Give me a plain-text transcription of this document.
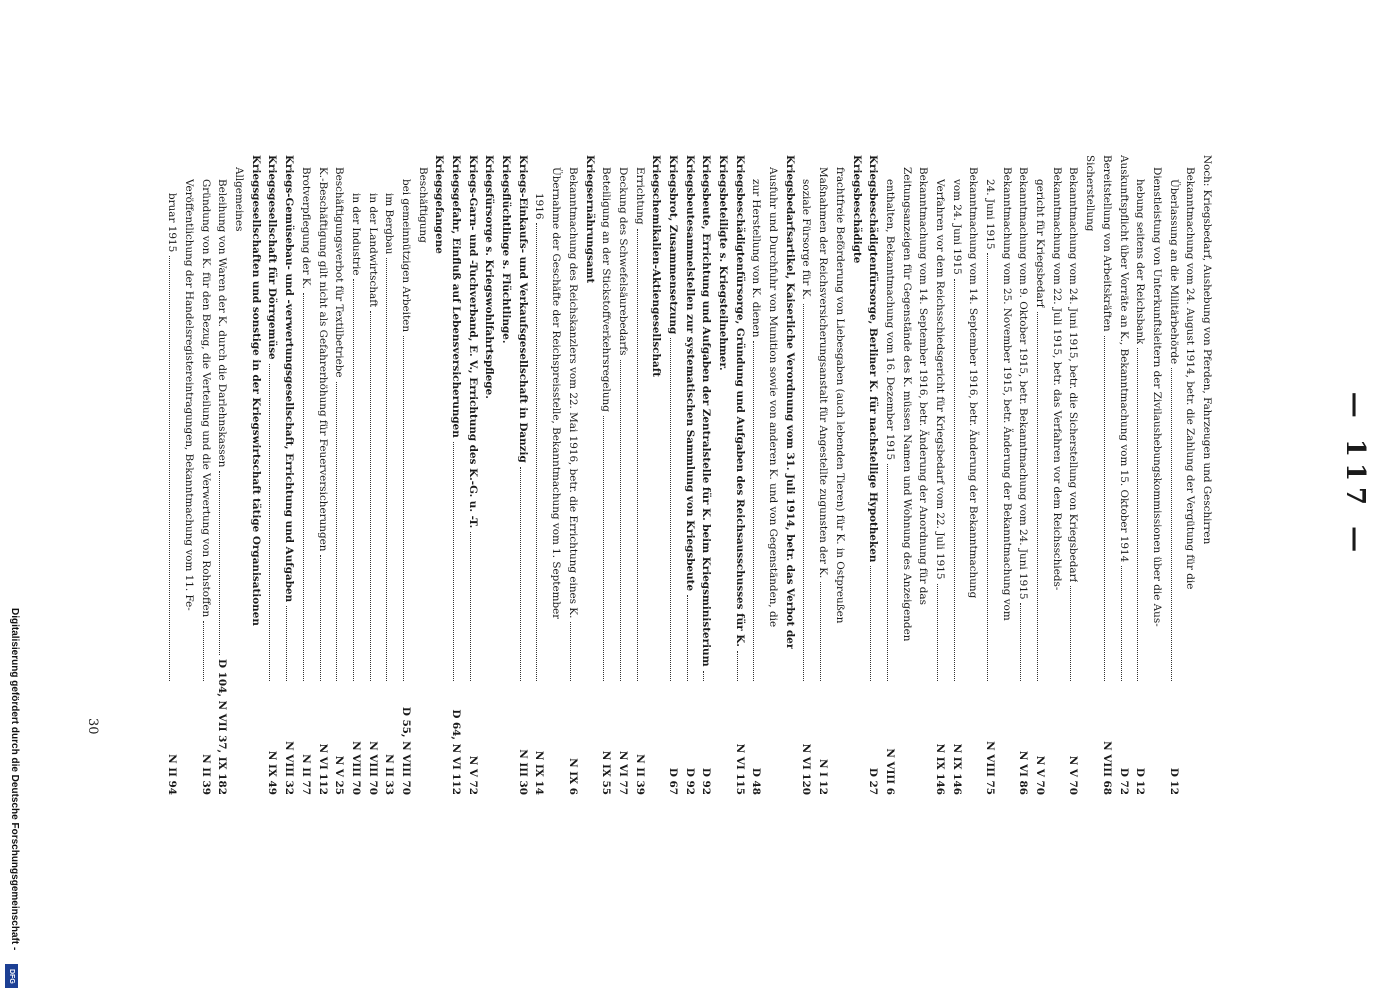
— 117 —
Noch: Kriegsbedarf, Aushebung von Pferden, Fahrzeugen und Geschirren
Bekanntmachung vom 24. August 1914, betr. die Zahlung der Vergütung für die
Überlassung an die Militärbehörde
D 12
Dienstleistung von Unterkunftsleitern der Zivilaushebungskommissionen über die Aus-
hebung seitens der Reichsbank
D 12
Auskunftspflicht über Vorräte an K., Bekanntmachung vom 15. Oktober 1914
D 72
Bereitstellung von Arbeitskräften
N VIII 68
Sicherstellung
Bekanntmachung vom 24. Juni 1915, betr. die Sicherstellung von Kriegsbedarf
N V 70
Bekanntmachung vom 22. Juli 1915, betr. das Verfahren vor dem Reichsschieds-
gericht für Kriegsbedarf
N V 70
Bekanntmachung vom 9. Oktober 1915, betr. Bekanntmachung vom 24. Juni 1915
N VI 86
Bekanntmachung vom 25. November 1915, betr. Änderung der Bekanntmachung vom
24. Juni 1915
N VIII 75
Bekanntmachung vom 14. September 1916, betr. Änderung der Bekanntmachung
vom 24. Juni 1915
N IX 146
Verfahren vor dem Reichsschiedsgericht für Kriegsbedarf vom 22. Juli 1915
N IX 146
Bekanntmachung vom 14. September 1916, betr. Änderung der Anordnung für das
Zeitungsanzeigen für Gegenstände des K. müssen Namen und Wohnung des Anzeigenden
enthalten, Bekanntmachung vom 16. Dezember 1915
N VIII 6
Kriegsbeschädigtenfürsorge, Berliner K. für nachstellige Hypotheken
D 27
Kriegsbeschädigte
frachtfreie Beförderung von Liebesgaben (auch lebenden Tieren) für K. in Ostpreußen
Maßnahmen der Reichsversicherungsanstalt für Angestellte zugunsten der K.
N I 12
soziale Fürsorge für K.
N VI 120
Kriegsbedarfsartikel, Kaiserliche Verordnung vom 31. Juli 1914, betr. das Verbot der
Ausfuhr und Durchfuhr von Munition sowie von anderen K. und von Gegenständen, die
zur Herstellung von K. dienen
D 48
Kriegsbeschädigtenfürsorge, Gründung und Aufgaben des Reichsausschusses für K.
N VI 115
Kriegsbeteiligte s. Kriegsteilnehmer.
Kriegsbeute, Errichtung und Aufgaben der Zentralstelle für K. beim Kriegsministerium
D 92
Kriegsbeutesammelstellen zur systematischen Sammlung von Kriegsbeute
D 92
Kriegsbrot, Zusammensetzung
D 67
Kriegschemikalien-Aktiengesellschaft
Errichtung
N II 39
Deckung des Schwefelsäurebedarfs
N VI 77
Beteiligung an der Stickstoffverkehrsregelung
N IX 55
Kriegsernährungsamt
Bekanntmachung des Reichskanzlers vom 22. Mai 1916, betr. die Errichtung eines K.
N IX 6
Übernahme der Geschäfte der Reichspreisstelle, Bekanntmachung vom 1. September
1916
N IX 14
Kriegs-Einkaufs- und Verkaufsgesellschaft in Danzig
N III 30
Kriegsflüchtlinge s. Flüchtlinge.
Kriegsfürsorge s. Kriegswohlfahrtspflege.
Kriegs-Garn- und -Tuchverband, E. V., Errichtung des K.-G. u. -T.
N V 72
Kriegsgefahr, Einfluß auf Lebensversicherungen
D 64, N VI 112
Kriegsgefangene
Beschäftigung
bei gemeinnützigen Arbeiten
D 55, N VIII 70
im Bergbau
N II 33
in der Landwirtschaft
N VIII 70
in der Industrie
N VIII 70
Beschäftigungsverbot für Textilbetriebe
N V 25
K.-Beschäftigung gilt nicht als Gefahrerhöhung für Feuerversicherungen
N VI 112
Brotverpflegung der K.
N II 77
Kriegs-Gemüsebau- und -verwertungsgesellschaft, Errichtung und Aufgaben
N VIII 32
Kriegsgesellschaft für Dörrgemüse
N IX 49
Kriegsgesellschaften und sonstige in der Kriegswirtschaft tätige Organisationen
Allgemeines
Beleihung von Waren der K. durch die Darlehnskassen
D 104, N VII 37, IX 182
Gründung von K. für den Bezug, die Verteilung und die Verwertung von Rohstoffen
N II 39
Veröffentlichung der Handelsregistereintragungen, Bekanntmachung vom 11. Fe-
bruar 1915
N II 94
30
Digitalisierung gefördert durch die Deutsche Forschungsgemeinschaft -
DFG
